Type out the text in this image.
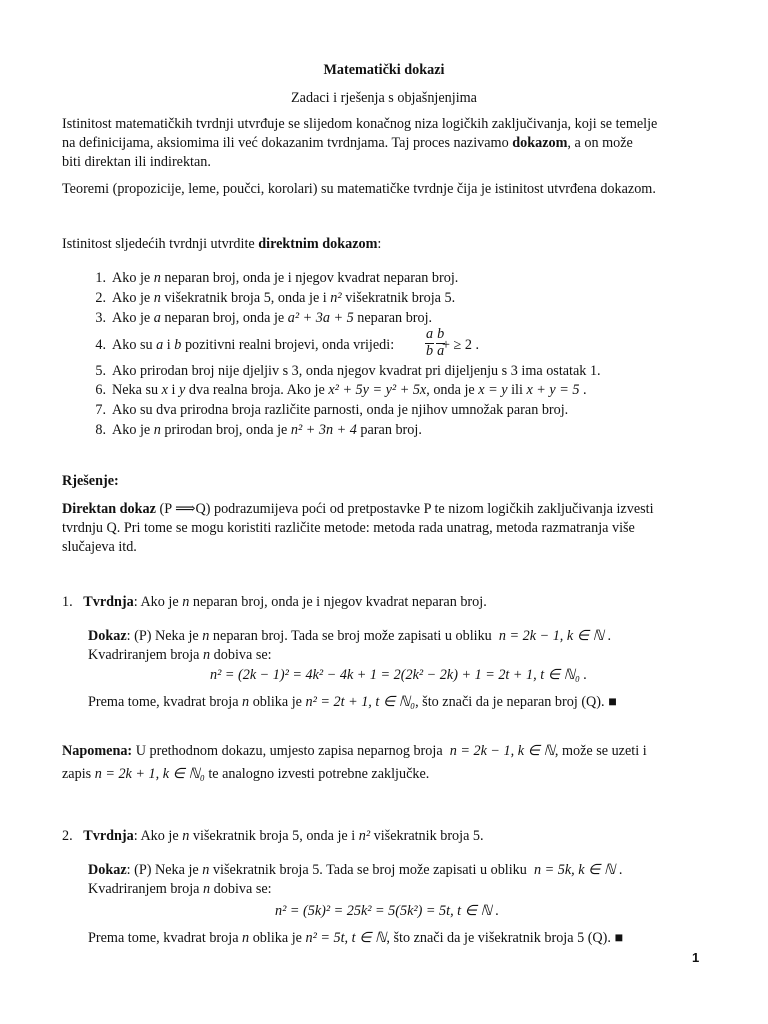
Matematički dokazi
Zadaci i rješenja s objašnjenjima
Istinitost matematičkih tvrdnji utvrđuje se slijedom konačnog niza logičkih zaključivanja, koji se temelje
na definicijama, aksiomima ili već dokazanim tvrdnjama. Taj proces nazivamo dokazom, a on može
biti direktan ili indirektan.
Teoremi (propozicije, leme, poučci, korolari) su matematičke tvrdnje čija je istinitost utvrđena dokazom.
Istinitost sljedećih tvrdnji utvrdite direktnim dokazom:
1. Ako je n neparan broj, onda je i njegov kvadrat neparan broj.
2. Ako je n višekratnik broja 5, onda je i n² višekratnik broja 5.
3. Ako je a neparan broj, onda je a² + 3a + 5 neparan broj.
4. Ako su a i b pozitivni realni brojevi, onda vrijedi: $\frac{a}{b} \frac{b}{a}$
+ ≥ 2 .
5. Ako prirodan broj nije djeljiv s 3, onda njegov kvadrat pri dijeljenju s 3 ima ostatak 1.
6. Neka su x i y dva realna broja. Ako je x² + 5y = y² + 5x, onda je x = y ili x + y = 5 .
7. Ako su dva prirodna broja različite parnosti, onda je njihov umnožak paran broj.
8. Ako je n prirodan broj, onda je n² + 3n + 4 paran broj.
Rješenje:
Direktan dokaz (P ⟹Q) podrazumijeva poći od pretpostavke P te nizom logičkih zaključivanja izvesti
tvrdnju Q. Pri tome se mogu koristiti različite metode: metoda rada unatrag, metoda razmatranja više
slučajeva itd.
1. Tvrdnja: Ako je n neparan broj, onda je i njegov kvadrat neparan broj.
Dokaz: (P) Neka je n neparan broj. Tada se broj može zapisati u obliku n = 2k − 1, k ∈ ℕ .
Kvadriranjem broja n dobiva se:
n² = (2k − 1)² = 4k² − 4k + 1 = 2(2k² − 2k) + 1 = 2t + 1, t ∈ ℕ₀ .
Prema tome, kvadrat broja n oblika je n² = 2t + 1, t ∈ ℕ₀, što znači da je neparan broj (Q). ■
Napomena: U prethodnom dokazu, umjesto zapisa neparnog broja n = 2k − 1, k ∈ ℕ, može se uzeti i
zapis n = 2k + 1, k ∈ ℕ₀ te analogno izvesti potrebne zaključke.
2. Tvrdnja: Ako je n višekratnik broja 5, onda je i n² višekratnik broja 5.
Dokaz: (P) Neka je n višekratnik broja 5. Tada se broj može zapisati u obliku n = 5k, k ∈ ℕ .
Kvadriranjem broja n dobiva se:
n² = (5k)² = 25k² = 5(5k²) = 5t, t ∈ ℕ .
Prema tome, kvadrat broja n oblika je n² = 5t, t ∈ ℕ, što znači da je višekratnik broja 5 (Q). ■
1
